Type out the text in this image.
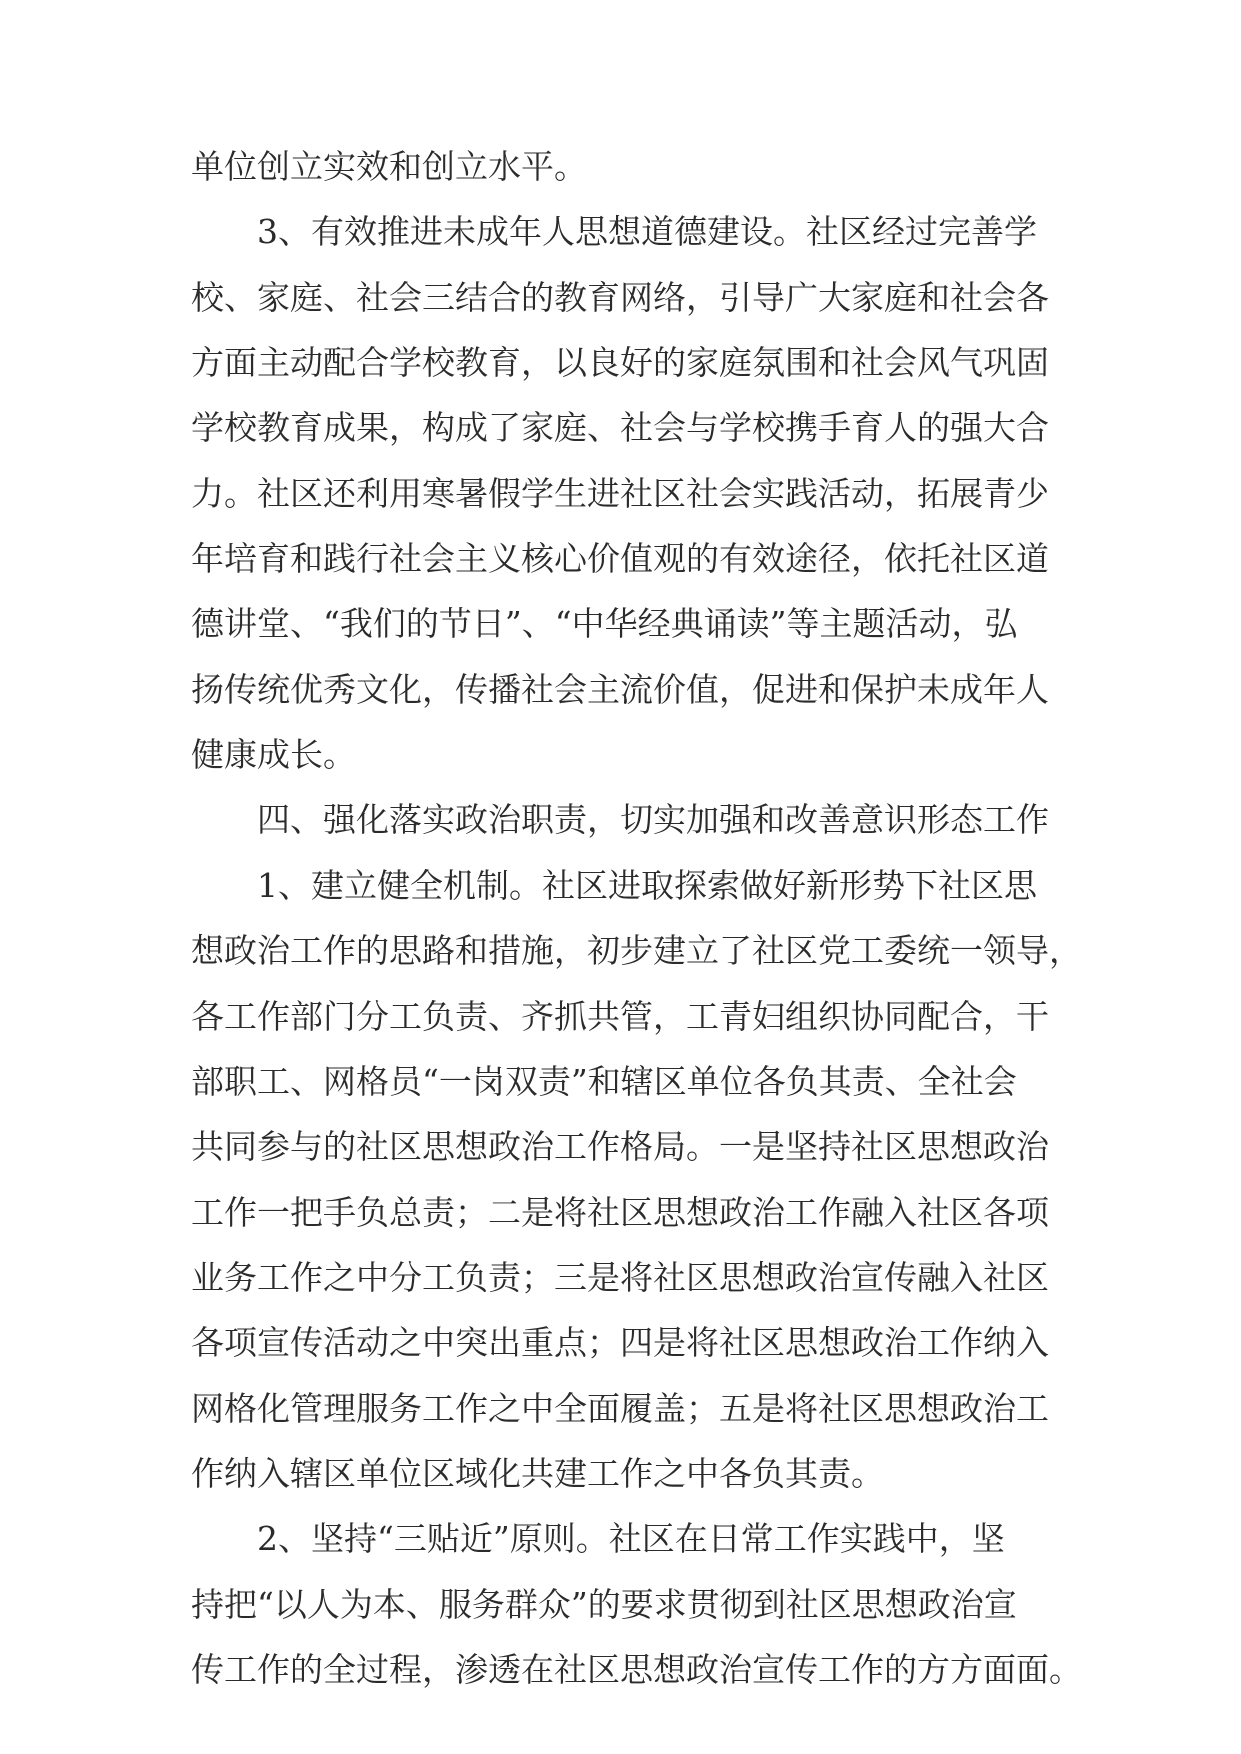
单位创立实效和创立水平。
　　3、有效推进未成年人思想道德建设。社区经过完善学
校、家庭、社会三结合的教育网络，引导广大家庭和社会各
方面主动配合学校教育，以良好的家庭氛围和社会风气巩固
学校教育成果，构成了家庭、社会与学校携手育人的强大合
力。社区还利用寒暑假学生进社区社会实践活动，拓展青少
年培育和践行社会主义核心价值观的有效途径，依托社区道
德讲堂、“我们的节日”、“中华经典诵读”等主题活动，弘
扬传统优秀文化，传播社会主流价值，促进和保护未成年人
健康成长。
　　四、强化落实政治职责，切实加强和改善意识形态工作
　　1、建立健全机制。社区进取探索做好新形势下社区思
想政治工作的思路和措施，初步建立了社区党工委统一领导，
各工作部门分工负责、齐抓共管，工青妇组织协同配合，干
部职工、网格员“一岗双责”和辖区单位各负其责、全社会
共同参与的社区思想政治工作格局。一是坚持社区思想政治
工作一把手负总责；二是将社区思想政治工作融入社区各项
业务工作之中分工负责；三是将社区思想政治宣传融入社区
各项宣传活动之中突出重点；四是将社区思想政治工作纳入
网格化管理服务工作之中全面履盖；五是将社区思想政治工
作纳入辖区单位区域化共建工作之中各负其责。
　　2、坚持“三贴近”原则。社区在日常工作实践中，坚
持把“以人为本、服务群众”的要求贯彻到社区思想政治宣
传工作的全过程，渗透在社区思想政治宣传工作的方方面面。
